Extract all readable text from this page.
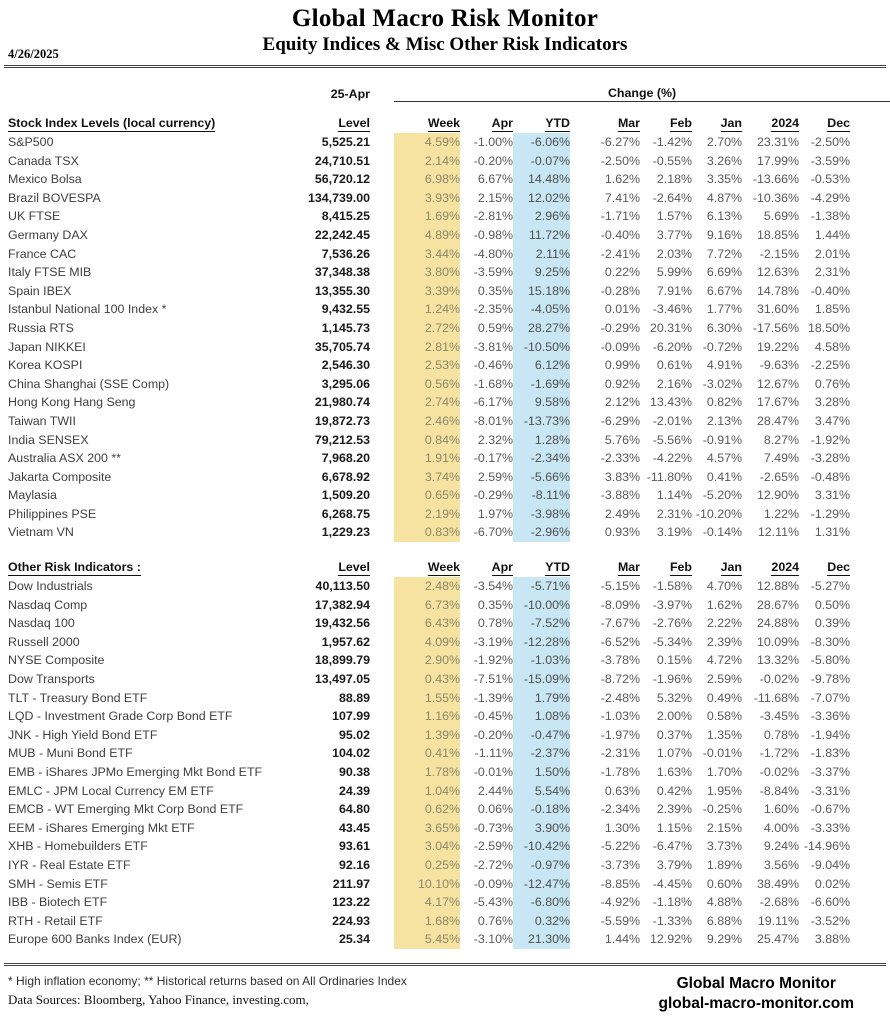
4/26/2025
Global Macro Risk Monitor
Equity Indices & Misc Other Risk Indicators
	25-Apr		Change (%)								

Stock Index Levels (local currency)	Level		Week	Apr	YTD	Mar	Feb	Jan	2024	Dec	
S&P500	5,525.21		4.59%	-1.00%	-6.06%	-6.27%	-1.42%	2.70%	23.31%	-2.50%	
Canada TSX	24,710.51		2.14%	-0.20%	-0.07%	-2.50%	-0.55%	3.26%	17.99%	-3.59%	
Mexico Bolsa	56,720.12		6.98%	6.67%	14.48%	1.62%	2.18%	3.35%	-13.66%	-0.53%	
Brazil BOVESPA	134,739.00		3.93%	2.15%	12.02%	7.41%	-2.64%	4.87%	-10.36%	-4.29%	
UK FTSE	8,415.25		1.69%	-2.81%	2.96%	-1.71%	1.57%	6.13%	5.69%	-1.38%	
Germany DAX	22,242.45		4.89%	-0.98%	11.72%	-0.40%	3.77%	9.16%	18.85%	1.44%	
France CAC	7,536.26		3.44%	-4.80%	2.11%	-2.41%	2.03%	7.72%	-2.15%	2.01%	
Italy FTSE MIB	37,348.38		3.80%	-3.59%	9.25%	0.22%	5.99%	6.69%	12.63%	2.31%	
Spain IBEX	13,355.30		3.39%	0.35%	15.18%	-0.28%	7.91%	6.67%	14.78%	-0.40%	
Istanbul National 100 Index *	9,432.55		1.24%	-2.35%	-4.05%	0.01%	-3.46%	1.77%	31.60%	1.85%	
Russia RTS	1,145.73		2.72%	0.59%	28.27%	-0.29%	20.31%	6.30%	-17.56%	18.50%	
Japan NIKKEI	35,705.74		2.81%	-3.81%	-10.50%	-0.09%	-6.20%	-0.72%	19.22%	4.58%	
Korea KOSPI	2,546.30		2.53%	-0.46%	6.12%	0.99%	0.61%	4.91%	-9.63%	-2.25%	
China Shanghai (SSE Comp)	3,295.06		0.56%	-1.68%	-1.69%	0.92%	2.16%	-3.02%	12.67%	0.76%	
Hong Kong Hang Seng	21,980.74		2.74%	-6.17%	9.58%	2.12%	13.43%	0.82%	17.67%	3.28%	
Taiwan TWII	19,872.73		2.46%	-8.01%	-13.73%	-6.29%	-2.01%	2.13%	28.47%	3.47%	
India SENSEX	79,212.53		0.84%	2.32%	1.28%	5.76%	-5.56%	-0.91%	8.27%	-1.92%	
Australia ASX 200 **	7,968.20		1.91%	-0.17%	-2.34%	-2.33%	-4.22%	4.57%	7.49%	-3.28%	
Jakarta Composite	6,678.92		3.74%	2.59%	-5.66%	3.83%	-11.80%	0.41%	-2.65%	-0.48%	
Maylasia	1,509.20		0.65%	-0.29%	-8.11%	-3.88%	1.14%	-5.20%	12.90%	3.31%	
Philippines PSE	6,268.75		2.19%	1.97%	-3.98%	2.49%	2.31%	-10.20%	1.22%	-1.29%	
Vietnam VN	1,229.23		0.83%	-6.70%	-2.96%	0.93%	3.19%	-0.14%	12.11%	1.31%	

Other Risk Indicators :	Level		Week	Apr	YTD	Mar	Feb	Jan	2024	Dec	
Dow Industrials	40,113.50		2.48%	-3.54%	-5.71%	-5.15%	-1.58%	4.70%	12.88%	-5.27%	
Nasdaq Comp	17,382.94		6.73%	0.35%	-10.00%	-8.09%	-3.97%	1.62%	28.67%	0.50%	
Nasdaq 100	19,432.56		6.43%	0.78%	-7.52%	-7.67%	-2.76%	2.22%	24.88%	0.39%	
Russell 2000	1,957.62		4.09%	-3.19%	-12.28%	-6.52%	-5.34%	2.39%	10.09%	-8.30%	
NYSE Composite	18,899.79		2.90%	-1.92%	-1.03%	-3.78%	0.15%	4.72%	13.32%	-5.80%	
Dow Transports	13,497.05		0.43%	-7.51%	-15.09%	-8.72%	-1.96%	2.59%	-0.02%	-9.78%	
TLT - Treasury Bond ETF	88.89		1.55%	-1.39%	1.79%	-2.48%	5.32%	0.49%	-11.68%	-7.07%	
LQD - Investment Grade Corp Bond ETF	107.99		1.16%	-0.45%	1.08%	-1.03%	2.00%	0.58%	-3.45%	-3.36%	
JNK - High Yield Bond ETF	95.02		1.39%	-0.20%	-0.47%	-1.97%	0.37%	1.35%	0.78%	-1.94%	
MUB - Muni Bond ETF	104.02		0.41%	-1.11%	-2.37%	-2.31%	1.07%	-0.01%	-1.72%	-1.83%	
EMB - iShares JPMo Emerging Mkt Bond ETF	90.38		1.78%	-0.01%	1.50%	-1.78%	1.63%	1.70%	-0.02%	-3.37%	
EMLC - JPM Local Currency EM ETF	24.39		1.04%	2.44%	5.54%	0.63%	0.42%	1.95%	-8.84%	-3.31%	
EMCB - WT Emerging Mkt Corp Bond ETF	64.80		0.62%	0.06%	-0.18%	-2.34%	2.39%	-0.25%	1.60%	-0.67%	
EEM - iShares Emerging Mkt ETF	43.45		3.65%	-0.73%	3.90%	1.30%	1.15%	2.15%	4.00%	-3.33%	
XHB - Homebuilders ETF	93.61		3.04%	-2.59%	-10.42%	-5.22%	-6.47%	3.73%	9.24%	-14.96%	
IYR - Real Estate ETF	92.16		0.25%	-2.72%	-0.97%	-3.73%	3.79%	1.89%	3.56%	-9.04%	
SMH - Semis ETF	211.97		10.10%	-0.09%	-12.47%	-8.85%	-4.45%	0.60%	38.49%	0.02%	
IBB - Biotech ETF	123.22		4.17%	-5.43%	-6.80%	-4.92%	-1.18%	4.88%	-2.68%	-6.60%	
RTH - Retail ETF	224.93		1.68%	0.76%	0.32%	-5.59%	-1.33%	6.88%	19.11%	-3.52%	
Europe 600 Banks Index (EUR)	25.34		5.45%	-3.10%	21.30%	1.44%	12.92%	9.29%	25.47%	3.88%	
* High inflation economy; ** Historical returns based on All Ordinaries Index
Data Sources: Bloomberg, Yahoo Finance, investing.com,
Global Macro Monitor
global-macro-monitor.com
